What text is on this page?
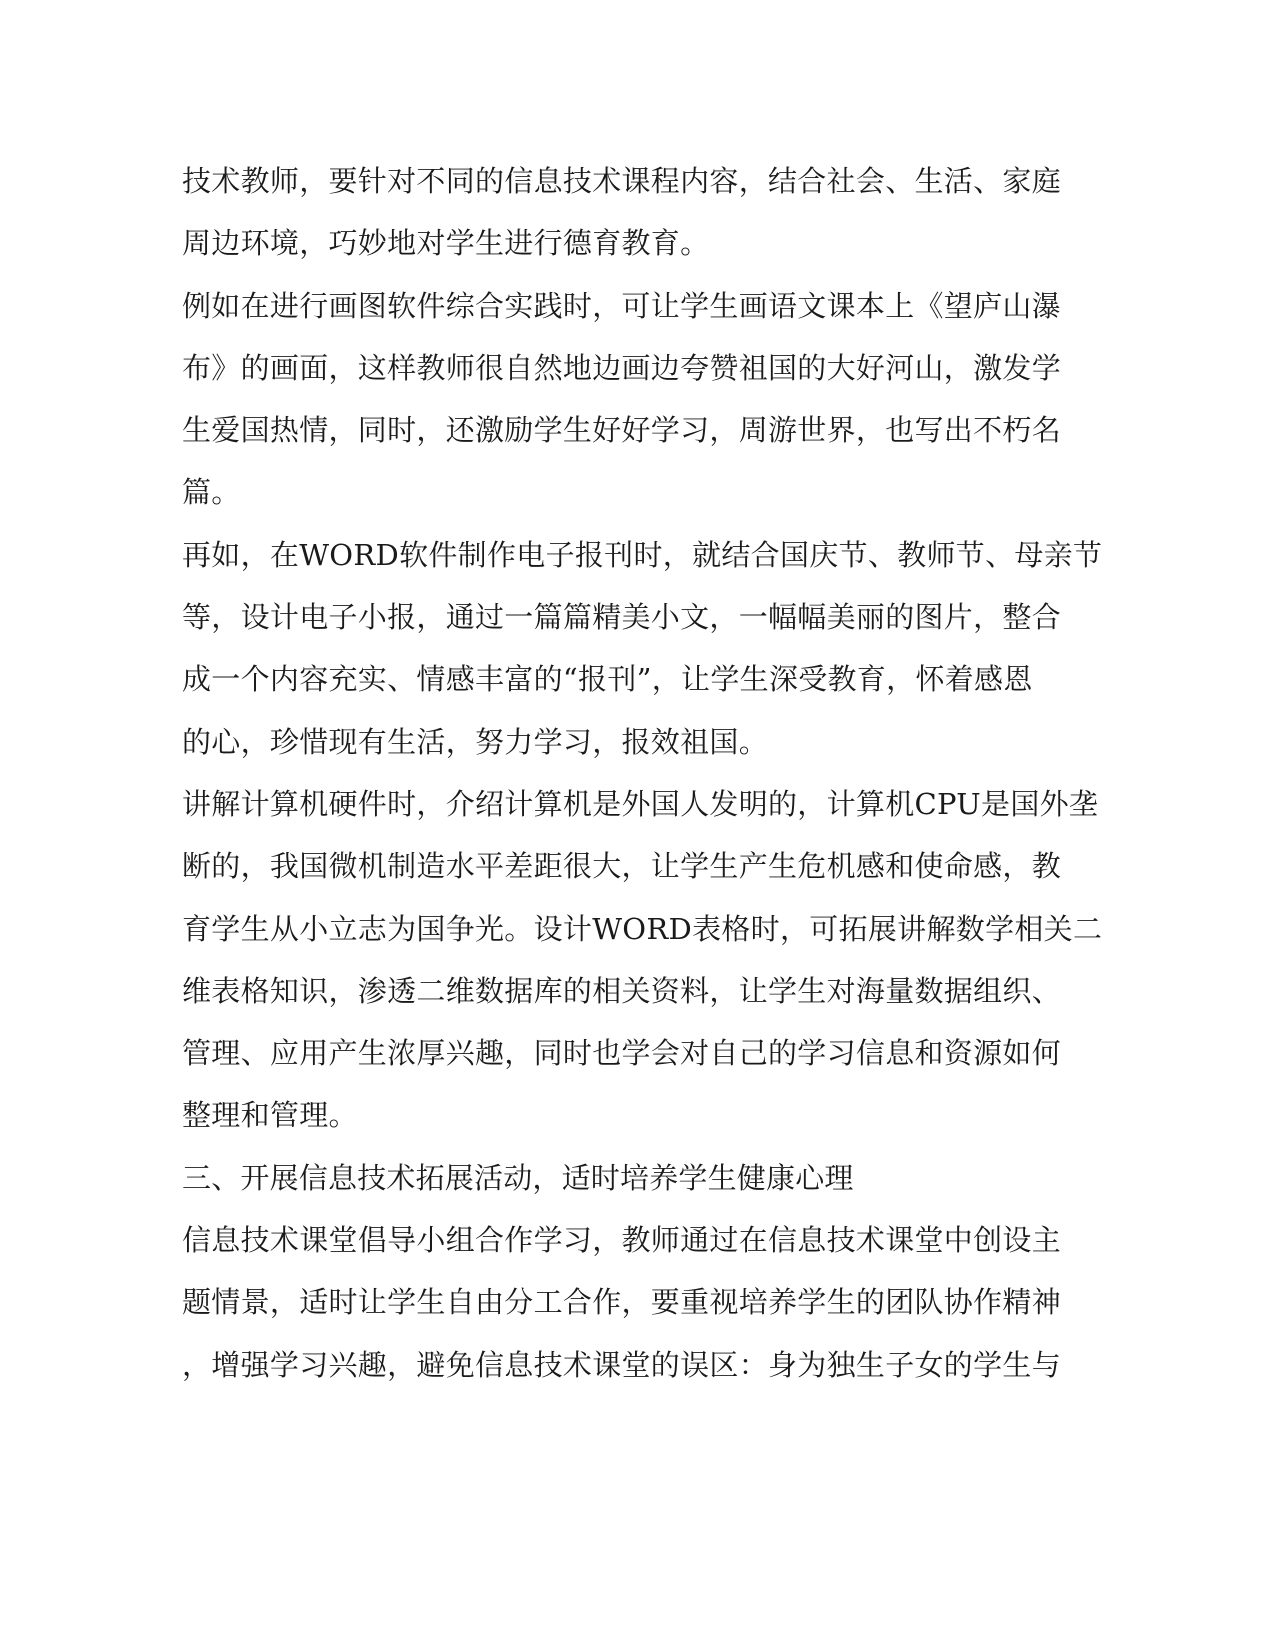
技术教师，要针对不同的信息技术课程内容，结合社会、生活、家庭
周边环境，巧妙地对学生进行德育教育。
例如在进行画图软件综合实践时，可让学生画语文课本上《望庐山瀑
布》的画面，这样教师很自然地边画边夸赞祖国的大好河山，激发学
生爱国热情，同时，还激励学生好好学习，周游世界，也写出不朽名
篇。
再如，在WORD软件制作电子报刊时，就结合国庆节、教师节、母亲节
等，设计电子小报，通过一篇篇精美小文，一幅幅美丽的图片，整合
成一个内容充实、情感丰富的“报刊”，让学生深受教育，怀着感恩
的心，珍惜现有生活，努力学习，报效祖国。
讲解计算机硬件时，介绍计算机是外国人发明的，计算机CPU是国外垄
断的，我国微机制造水平差距很大，让学生产生危机感和使命感，教
育学生从小立志为国争光。设计WORD表格时，可拓展讲解数学相关二
维表格知识，渗透二维数据库的相关资料，让学生对海量数据组织、
管理、应用产生浓厚兴趣，同时也学会对自己的学习信息和资源如何
整理和管理。
三、开展信息技术拓展活动，适时培养学生健康心理
信息技术课堂倡导小组合作学习，教师通过在信息技术课堂中创设主
题情景，适时让学生自由分工合作，要重视培养学生的团队协作精神
，增强学习兴趣，避免信息技术课堂的误区：身为独生子女的学生与
